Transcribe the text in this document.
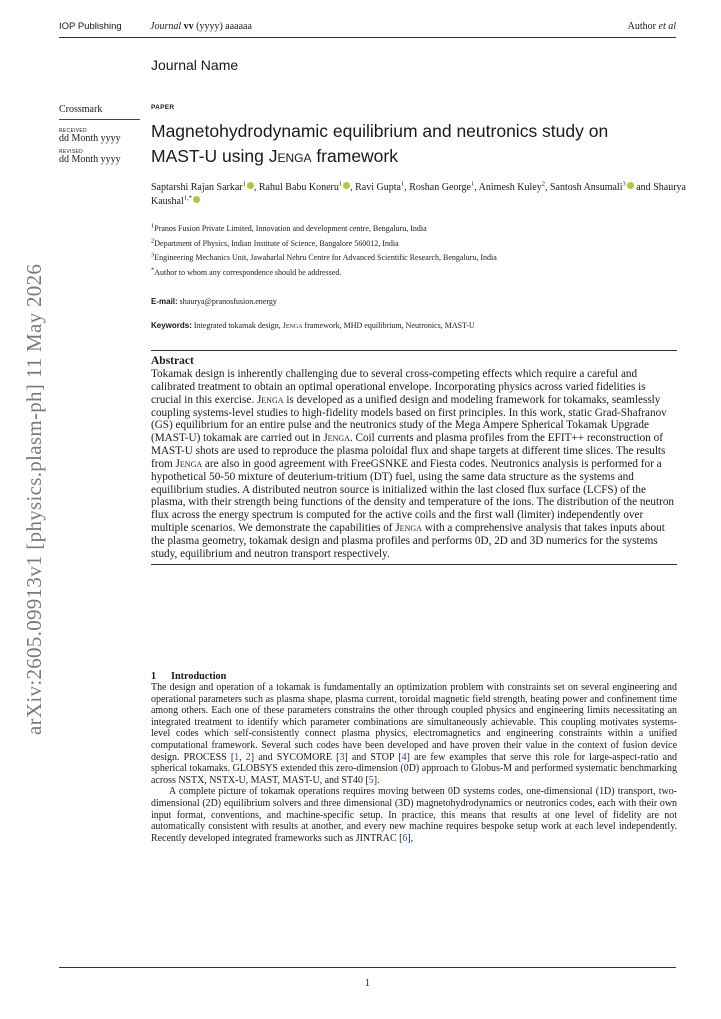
IOP Publishing	Journal vv (yyyy) aaaaaa	Author et al
Journal Name
Crossmark
RECEIVED
dd Month yyyy
REVISED
dd Month yyyy
arXiv:2605.09913v1 [physics.plasm-ph] 11 May 2026
PAPER
Magnetohydrodynamic equilibrium and neutronics study on
MAST-U using Jenga framework
Saptarshi Rajan Sarkar$^1$ , Rahul Babu Koneru$^1$ , Ravi Gupta$^1$, Roshan George$^1$, Animesh Kuley$^2$, Santosh Ansumali$^3$ and Shaurya Kaushal$^{1,*}$
$^1$Pranos Fusion Private Limited, Innovation and development centre, Bengaluru, India
$^2$Department of Physics, Indian Institute of Science, Bangalore 560012, India
$^3$Engineering Mechanics Unit, Jawaharlal Nehru Centre for Advanced Scientific Research, Bengaluru, India
*Author to whom any correspondence should be addressed.
E-mail: shaurya@pranosfusion.energy
Keywords: Integrated tokamak design, Jenga framework, MHD equilibrium, Neutronics, MAST-U
Abstract

Tokamak design is inherently challenging due to several cross-competing effects which require a careful and calibrated treatment to obtain an optimal operational envelope. Incorporating physics across varied fidelities is crucial in this exercise. Jenga is developed as a unified design and modeling framework for tokamaks, seamlessly coupling systems-level studies to high-fidelity models based on first principles. In this work, static Grad-Shafranov (GS) equilibrium for an entire pulse and the neutronics study of the Mega Ampere Spherical Tokamak Upgrade (MAST-U) tokamak are carried out in Jenga. Coil currents and plasma profiles from the EFIT++ reconstruction of MAST-U shots are used to reproduce the plasma poloidal flux and shape targets at different time slices. The results from Jenga are also in good agreement with FreeGSNKE and Fiesta codes. Neutronics analysis is performed for a hypothetical 50-50 mixture of deuterium-tritium (DT) fuel, using the same data structure as the systems and equilibrium studies. A distributed neutron source is initialized within the last closed flux surface (LCFS) of the plasma, with their strength being functions of the density and temperature of the ions. The distribution of the neutron flux across the energy spectrum is computed for the active coils and the first wall (limiter) independently over multiple scenarios. We demonstrate the capabilities of Jenga with a comprehensive analysis that takes inputs about the plasma geometry, tokamak design and plasma profiles and performs 0D, 2D and 3D numerics for the systems study, equilibrium and neutron transport respectively.

1 Introduction

The design and operation of a tokamak is fundamentally an optimization problem with constraints set on several engineering and operational parameters such as plasma shape, plasma current, toroidal magnetic field strength, heating power and confinement time among others. Each one of these parameters constrains the other through coupled physics and engineering limits necessitating an integrated treatment to identify which parameter combinations are simultaneously achievable. This coupling motivates systems-level codes which self-consistently connect plasma physics, electromagnetics and engineering constraints within a unified computational framework. Several such codes have been developed and have proven their value in the context of fusion device design. PROCESS [1, 2] and SYCOMORE [3] and STOP [4] are few examples that serve this role for large-aspect-ratio and spherical tokamaks. GLOBSYS extended this zero-dimension (0D) approach to Globus-M and performed systematic benchmarking across NSTX, NSTX-U, MAST, MAST-U, and ST40 [5].

A complete picture of tokamak operations requires moving between 0D systems codes, one-dimensional (1D) transport, two-dimensional (2D) equilibrium solvers and three dimensional (3D) magnetohydrodynamics or neutronics codes, each with their own input format, conventions, and machine-specific setup. In practice, this means that results at one level of fidelity are not automatically consistent with results at another, and every new machine requires bespoke setup work at each level independently. Recently developed integrated frameworks such as JINTRAC [6],

1
